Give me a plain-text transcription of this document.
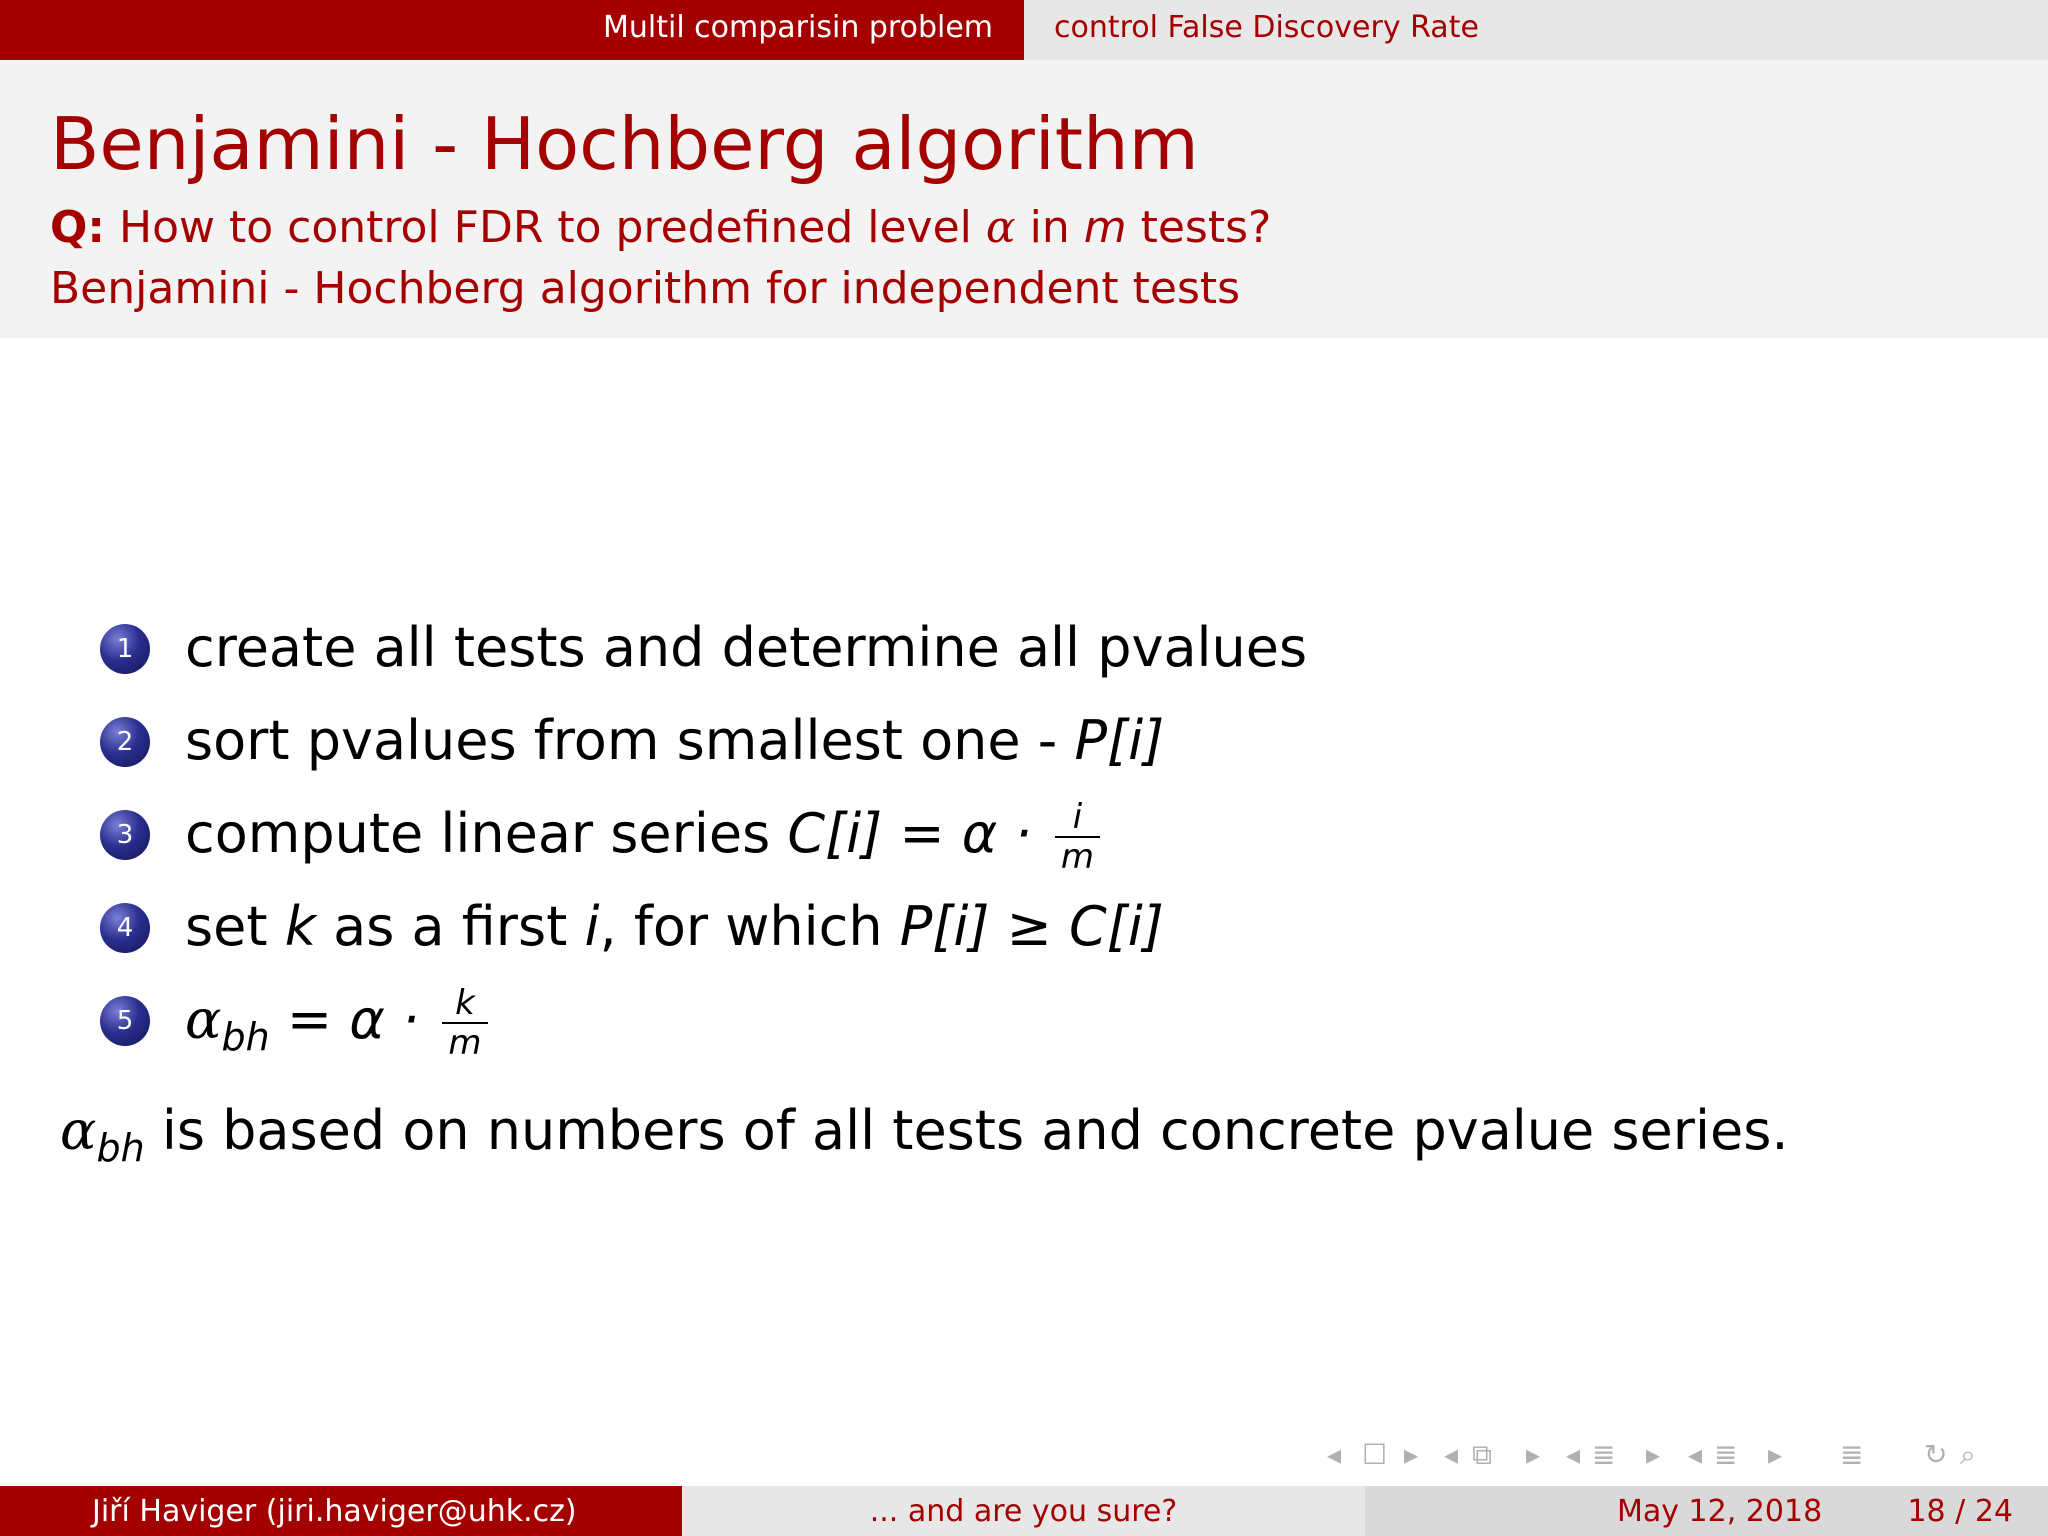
Multil comparisin problem control False Discovery Rate
Benjamini - Hochberg algorithm
Q: How to control FDR to predefined level α in m tests?
Benjamini - Hochberg algorithm for independent tests
1 create all tests and determine all pvalues
2 sort pvalues from smallest one - P[i]
3 compute linear series $C[i] = \alpha \cdot \frac{i}{m}$
4 set k as a first i, for which P[i] ≥ C[i]
5 $\alpha_{bh} = \alpha \cdot \frac{k}{m}$
$\alpha_{bh}$ is based on numbers of all tests and concrete pvalue series.
◂ ☐ ▸ ◂ ⧉ ▸ ◂ ≣ ▸ ◂ ≣ ▸ ≣ ↻ ⌕
Jiří Haviger (jiri.haviger@uhk.cz)	... and are you sure?	May 12, 2018	18 / 24
